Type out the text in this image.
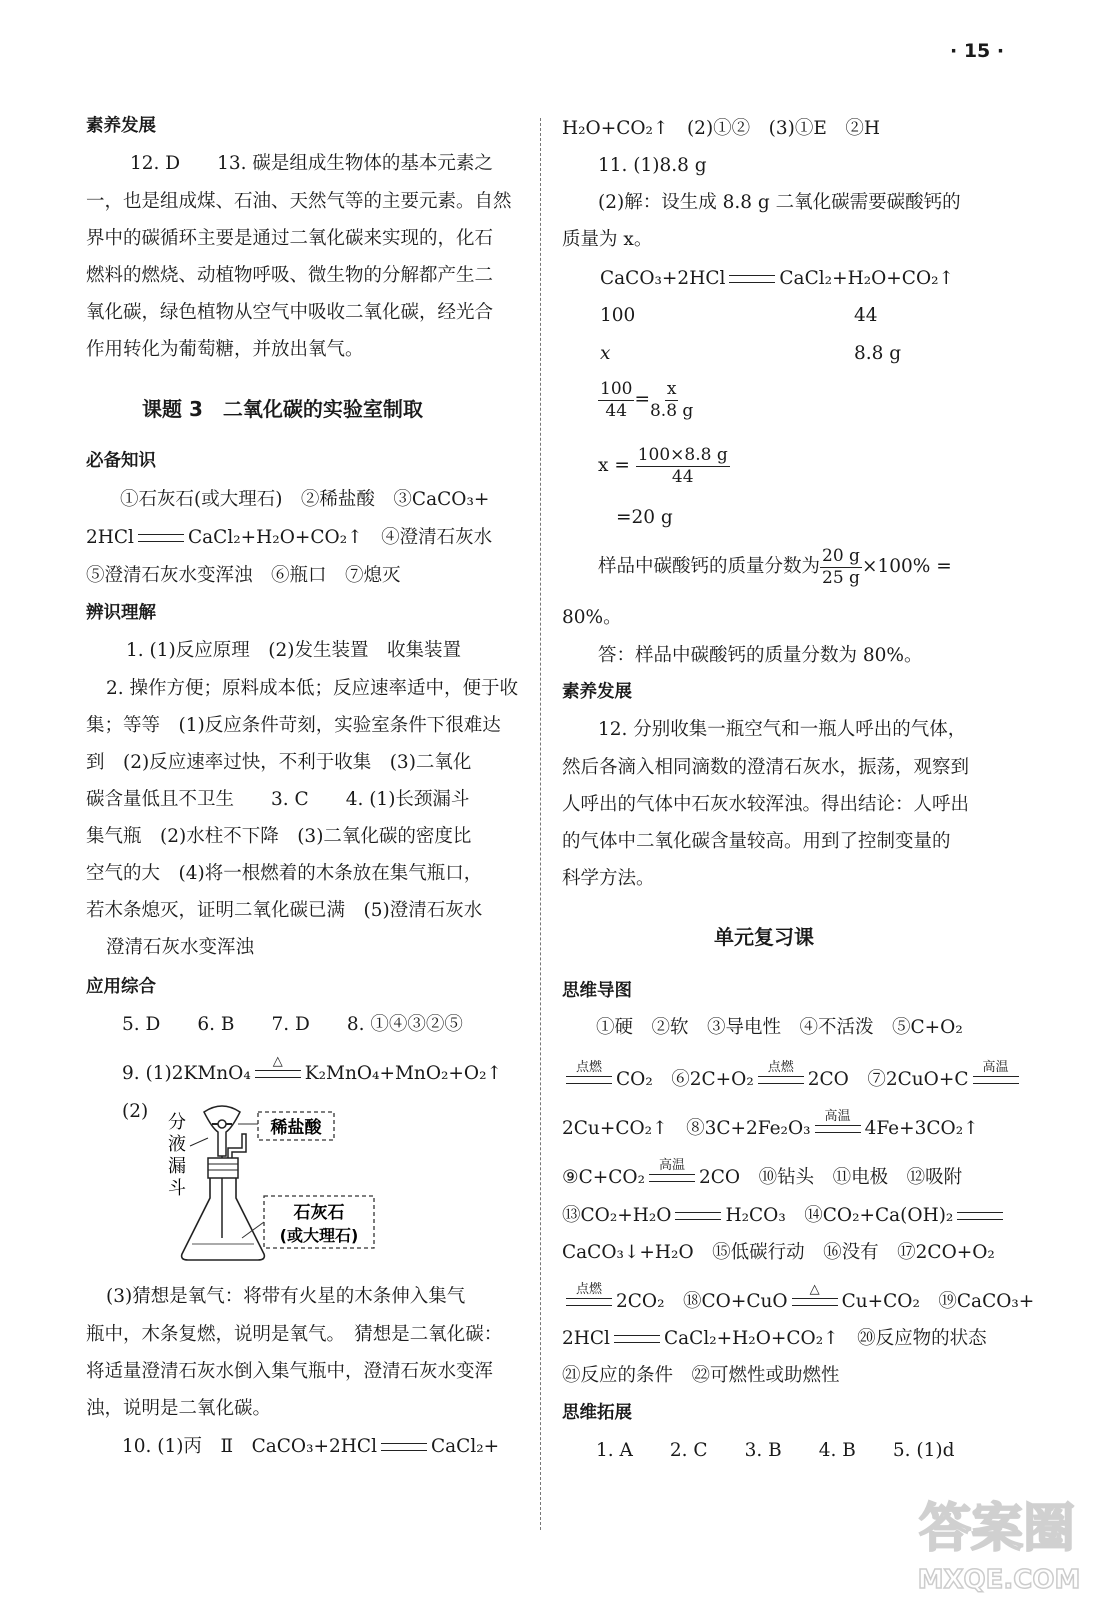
· 15 ·
素养发展
12. D　　13. 碳是组成生物体的基本元素之
一，也是组成煤、石油、天然气等的主要元素。自然
界中的碳循环主要是通过二氧化碳来实现的，化石
燃料的燃烧、动植物呼吸、微生物的分解都产生二
氧化碳，绿色植物从空气中吸收二氧化碳，经光合
作用转化为葡萄糖，并放出氧气。
课题 3　二氧化碳的实验室制取
必备知识
①石灰石(或大理石)　②稀盐酸　③CaCO₃+
2HCl	CaCl₂+H₂O+CO₂↑　④澄清石灰水
⑤澄清石灰水变浑浊　⑥瓶口　⑦熄灭
辨识理解
1. (1)反应原理　(2)发生装置　收集装置
2. 操作方便；原料成本低；反应速率适中，便于收
集；等等　(1)反应条件苛刻，实验室条件下很难达
到　(2)反应速率过快，不利于收集　(3)二氧化
碳含量低且不卫生　　3. C　　4. (1)长颈漏斗
集气瓶　(2)水柱不下降　(3)二氧化碳的密度比
空气的大　(4)将一根燃着的木条放在集气瓶口，
若木条熄灭，证明二氧化碳已满　(5)澄清石灰水
澄清石灰水变浑浊
应用综合
5. D　　6. B　　7. D　　8. ①④③②⑤
9. (1)2KMnO₄
△
K₂MnO₄+MnO₂+O₂↑
(2)
分
液
漏
斗
稀盐酸
石灰石
(或大理石)
(3)猜想是氧气：将带有火星的木条伸入集气
瓶中，木条复燃，说明是氧气。　猜想是二氧化碳：
将适量澄清石灰水倒入集气瓶中，澄清石灰水变浑
浊，说明是二氧化碳。
10. (1)丙　Ⅱ　CaCO₃+2HCl	CaCl₂+
H₂O+CO₂↑　(2)①②　(3)①E　②H
11. (1)8.8 g
(2)解：设生成 8.8 g 二氧化碳需要碳酸钙的
质量为 x。
CaCO₃+2HCl	CaCl₂+H₂O+CO₂↑
100	44
x	8.8 g
$\frac{100}{44} = \frac{x}{8.8 g}$
$x = \frac{100\times 8.8 g}{44}$
=20 g
样品中碳酸钙的质量分数为 $\frac{20 g}{25 g} \times 100\%$ =
80%。
答：样品中碳酸钙的质量分数为 80%。
素养发展
12. 分别收集一瓶空气和一瓶人呼出的气体，
然后各滴入相同滴数的澄清石灰水，振荡，观察到
人呼出的气体中石灰水较浑浊。得出结论：人呼出
的气体中二氧化碳含量较高。用到了控制变量的
科学方法。
单元复习课
思维导图
①硬　②软　③导电性　④不活泼　⑤C+O₂
点燃
CO₂　⑥2C+O₂
点燃
2CO　⑦2CuO+C
高温
2Cu+CO₂↑　⑧3C+2Fe₂O₃
高温
4Fe+3CO₂↑
⑨C+CO₂
高温
2CO　⑩钻头　⑪电极　⑫吸附
⑬CO₂+H₂O	H₂CO₃　⑭CO₂+Ca(OH)₂
CaCO₃↓+H₂O　⑮低碳行动　⑯没有　⑰2CO+O₂
点燃
2CO₂　⑱CO+CuO
△
Cu+CO₂　⑲CaCO₃+
2HCl	CaCl₂+H₂O+CO₂↑　⑳反应物的状态
㉑反应的条件　㉒可燃性或助燃性
思维拓展
1. A　　2. C　　3. B　　4. B　　5. (1)d
答案圈
MXQE.COM
